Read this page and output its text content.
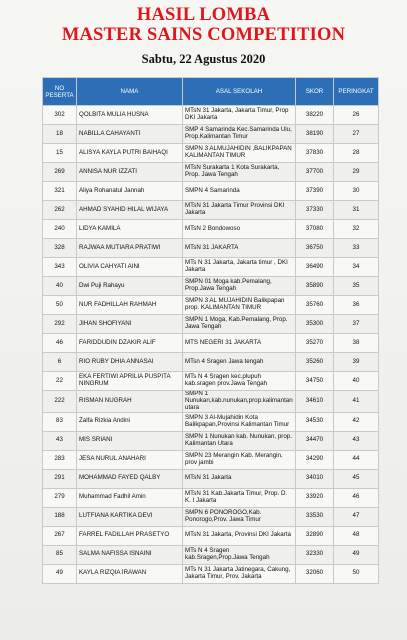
HASIL LOMBA
MASTER SAINS COMPETITION
Sabtu, 22 Agustus 2020
NO PESERTA	NAMA	ASAL SEKOLAH	SKOR	PERINGKAT
302	QOLBITA MULIA HUSNA	MTsN 31 Jakarta, Jakarta Timur, Prop DKI Jakarta	38220	26
18	NABILLA CAHAYANTI	SMP 4 Samarinda Kec.Samarinda Ulu, Prop.Kalimantan Timur	38190	27
15	ALISYA KAYLA PUTRI BAIHAQI	SMPN 3 ALMUJAHIDIN ,BALIKPAPAN KALIMANTAN TIMUR	37830	28
269	ANNISA NUR IZZATI	MTsN Surakarta 1 Kota Surakarta, Prop. Jawa Tengah	37700	29
321	Aliya Rohanatul Jannah	SMPN 4 Samarinda	37390	30
262	AHMAD SYAHID HILAL WIJAYA	MTsN 31 Jakarta Timur Provinsi DKI Jakarta	37330	31
240	LIDYA KAMILA	MTsN 2 Bondowoso	37080	32
328	RAJWAA MUTIARA PRATIWI	MTsN 31 JAKARTA	36750	33
343	OLIVIA CAHYATI AINI	MTs N 31 Jakarta, Jakarta timur , DKI Jakarta	36490	34
40	Dwi Puji Rahayu	SMPN 01 Moga kab.Pemalang, Prop.Jawa Tengah	35890	35
50	NUR FADHILLAH RAHMAH	SMPN 3 AL MUJAHIDIN Balikpapan prop. KALIMANTAN TIMUR	35760	36
292	JIHAN SHOFIYANI	SMPN 1 Moga, Kab.Pemalang, Prop. Jawa Tengah	35300	37
46	FARIDDUDIN DZAKIR ALIF	MTS NEGERI 31 JAKARTA	35270	38
6	RIO RUBY DHIA ANNASAI	MTsn 4 Sragen Jawa tengah	35260	39
22	EKA FERTIWI APRILIA PUSPITA NINGRUM	MTs N 4 Sragen kec.plupuh kab.sragen prov.Jawa Tengah	34750	40
222	RISMAN NUGRAH	SMPN 1 Nunukan,kab.nunukan,prop.kalimantan utara	34610	41
83	Zalfa Rizkia Andini	SMPN 3 Al-Mujahidin Kota Balikpapan,Provinsi Kalimantan Timur	34530	42
43	MIS SRIANI	SMPN 1 Nunukan kab. Nunukan, prop. Kalimantan Utara	34470	43
283	JESA NURUL ANAHARI	SMPN 23 Merangin Kab. Merangin, prov jambi	34290	44
291	MOHAMMAD FAYED QALBY	MTsN 31 Jakarta	34010	45
279	Muhammad Fadhil Amin	MTsN 31 Kab.Jakarta Timur, Prop. D. K. I Jakarta	33920	46
188	LUTFIANA KARTIKA DEVI	SMPN 6 PONOROGO,Kab. Ponorogo,Prov. Jawa Timur	33530	47
267	FARREL FADILLAH PRASETYO	MTsN 31 Jakarta, Provinsi DKI Jakarta	32890	48
85	SALMA NAFISSA ISNAINI	MTs N 4 Sragen kab.Sragen,Prop.Jawa Tengah	32330	49
49	KAYLA RIZQIA IRAWAN	MTs N 31 Jakarta Jatinegara, Cakung, Jakarta Timur, Prov. Jakarta	32060	50
